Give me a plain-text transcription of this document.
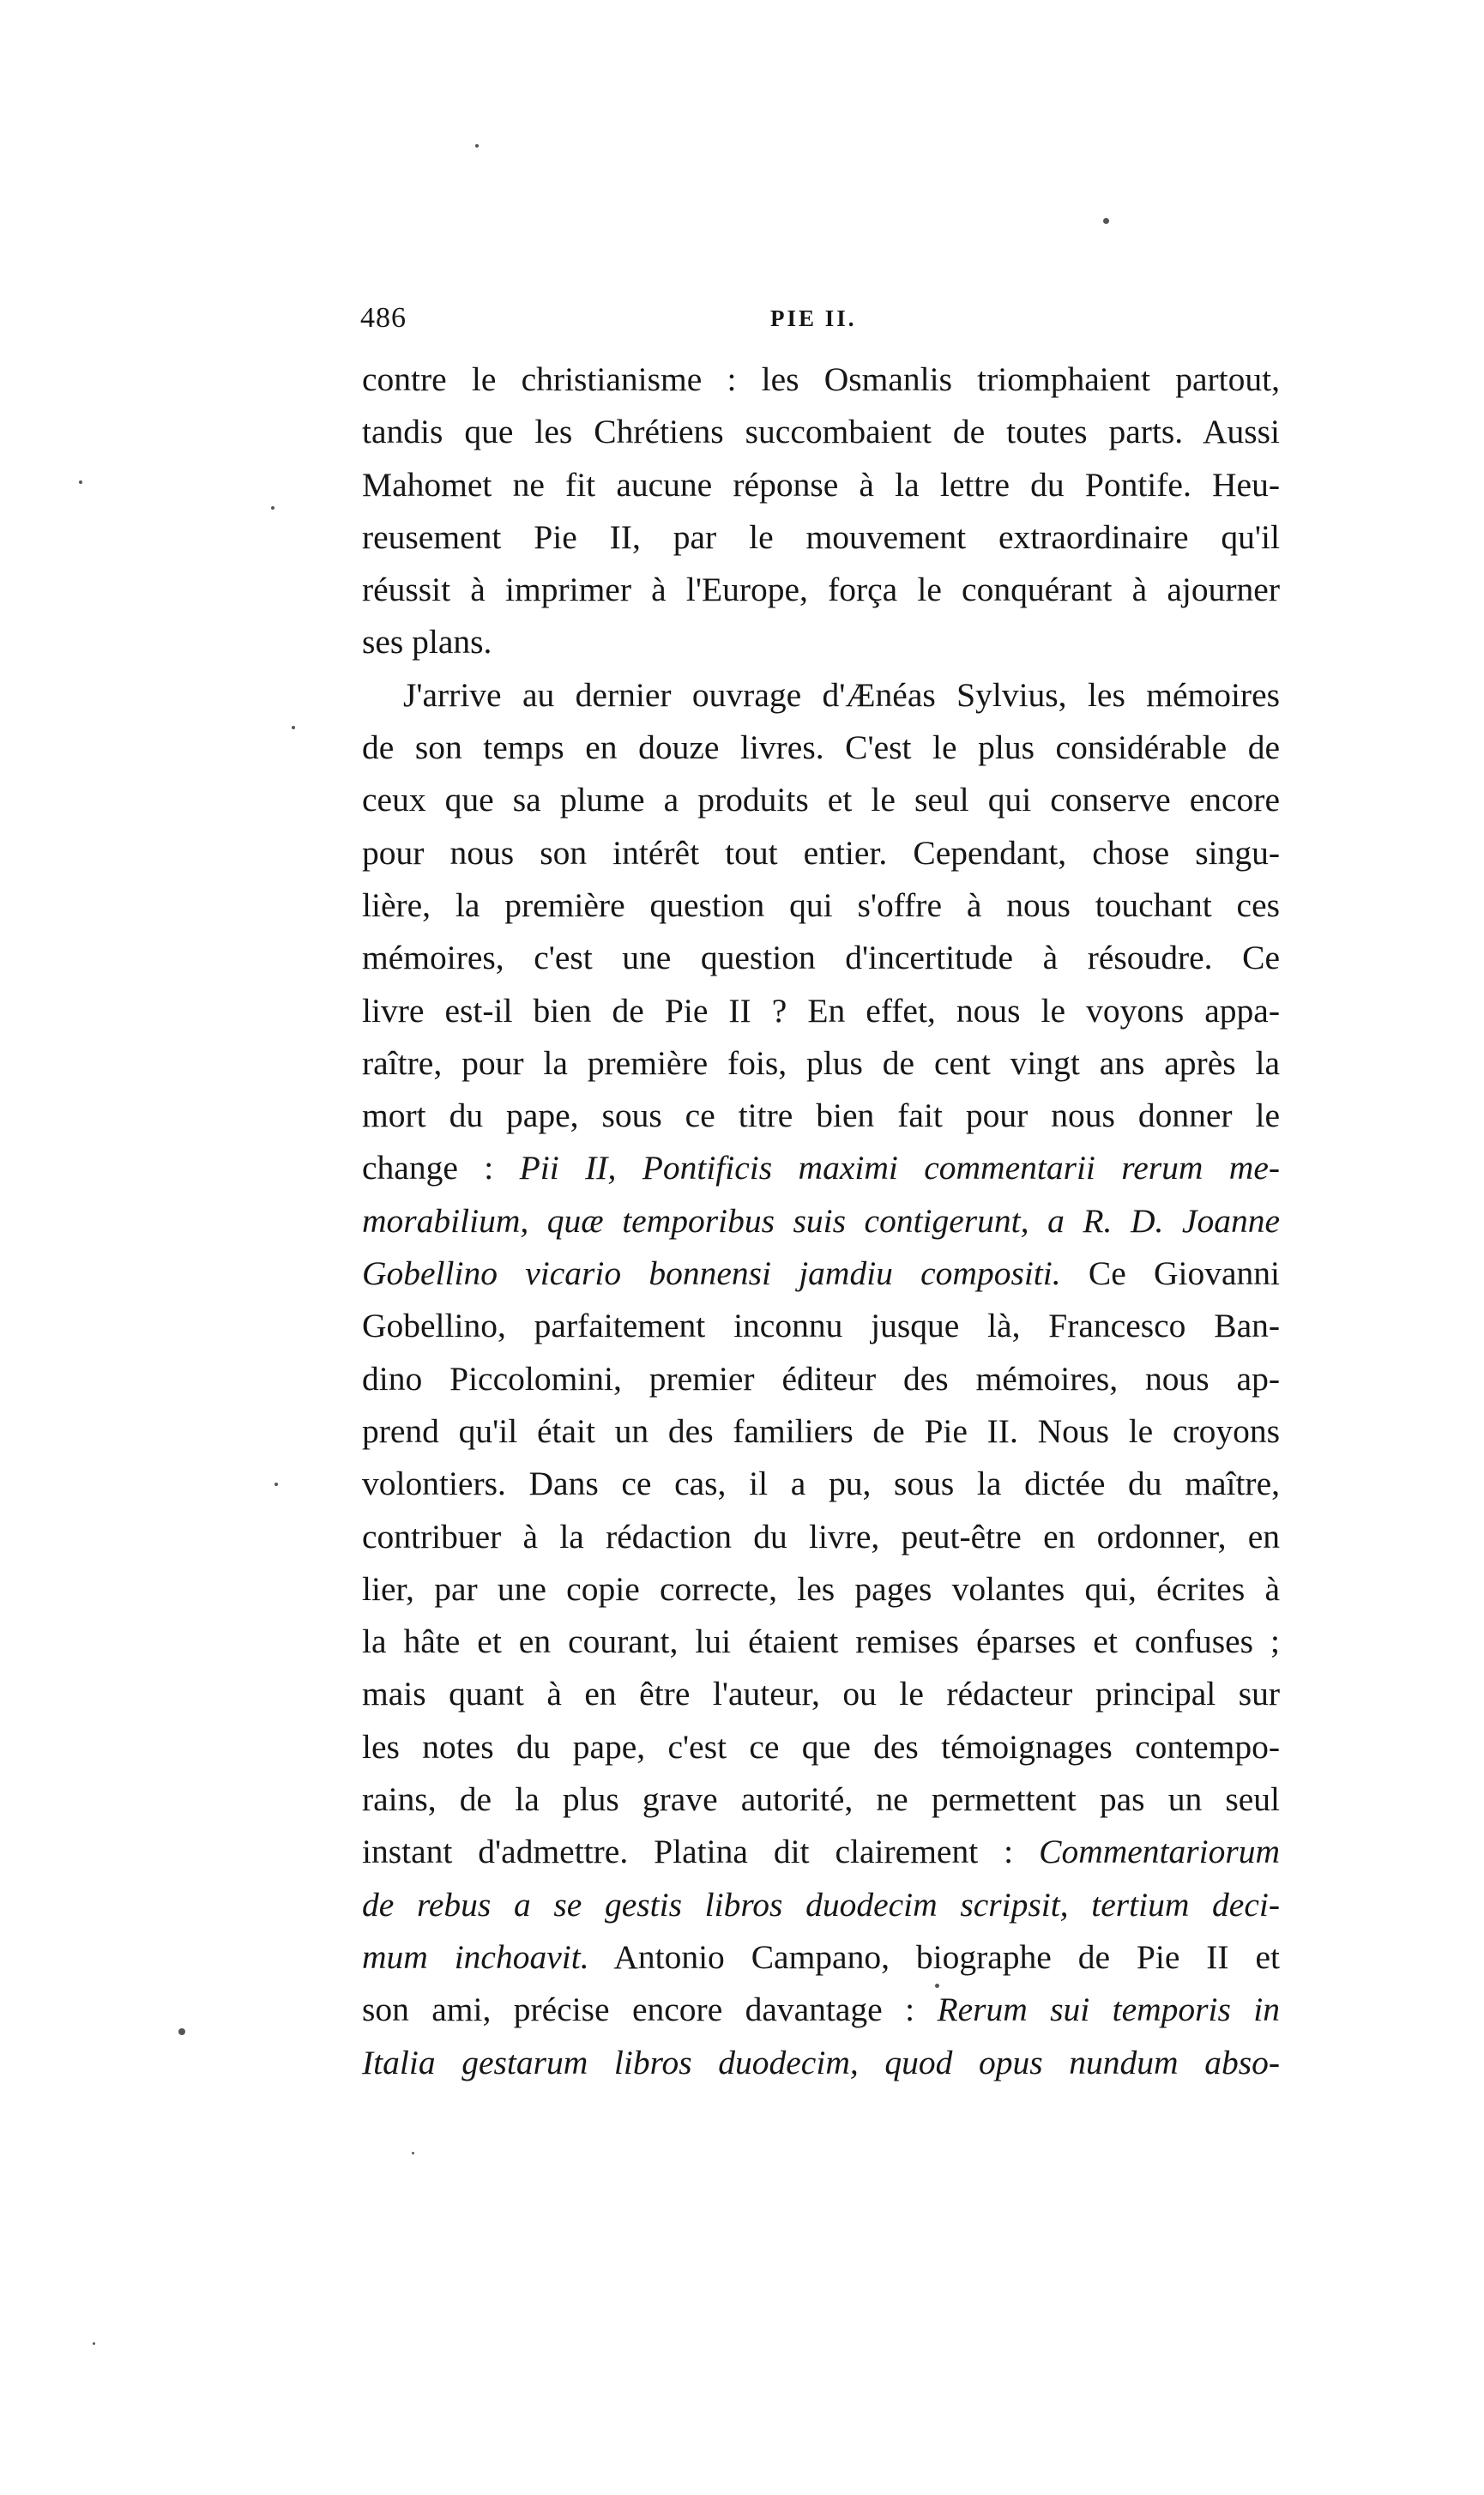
486	PIE II.
contre le christianisme : les Osmanlis triomphaient partout,
tandis que les Chrétiens succombaient de toutes parts. Aussi
Mahomet ne fit aucune réponse à la lettre du Pontife. Heu-
reusement Pie II, par le mouvement extraordinaire qu'il
réussit à imprimer à l'Europe, força le conquérant à ajourner
ses plans.
J'arrive au dernier ouvrage d'Ænéas Sylvius, les mémoires
de son temps en douze livres. C'est le plus considérable de
ceux que sa plume a produits et le seul qui conserve encore
pour nous son intérêt tout entier. Cependant, chose singu-
lière, la première question qui s'offre à nous touchant ces
mémoires, c'est une question d'incertitude à résoudre. Ce
livre est-il bien de Pie II ? En effet, nous le voyons appa-
raître, pour la première fois, plus de cent vingt ans après la
mort du pape, sous ce titre bien fait pour nous donner le
change : Pii II, Pontificis maximi commentarii rerum me-
morabilium, quæ temporibus suis contigerunt, a R. D. Joanne
Gobellino vicario bonnensi jamdiu compositi. Ce Giovanni
Gobellino, parfaitement inconnu jusque là, Francesco Ban-
dino Piccolomini, premier éditeur des mémoires, nous ap-
prend qu'il était un des familiers de Pie II. Nous le croyons
volontiers. Dans ce cas, il a pu, sous la dictée du maître,
contribuer à la rédaction du livre, peut-être en ordonner, en
lier, par une copie correcte, les pages volantes qui, écrites à
la hâte et en courant, lui étaient remises éparses et confuses ;
mais quant à en être l'auteur, ou le rédacteur principal sur
les notes du pape, c'est ce que des témoignages contempo-
rains, de la plus grave autorité, ne permettent pas un seul
instant d'admettre. Platina dit clairement : Commentariorum
de rebus a se gestis libros duodecim scripsit, tertium deci-
mum inchoavit. Antonio Campano, biographe de Pie II et
son ami, précise encore davantage : Rerum sui temporis in
Italia gestarum libros duodecim, quod opus nundum abso-
